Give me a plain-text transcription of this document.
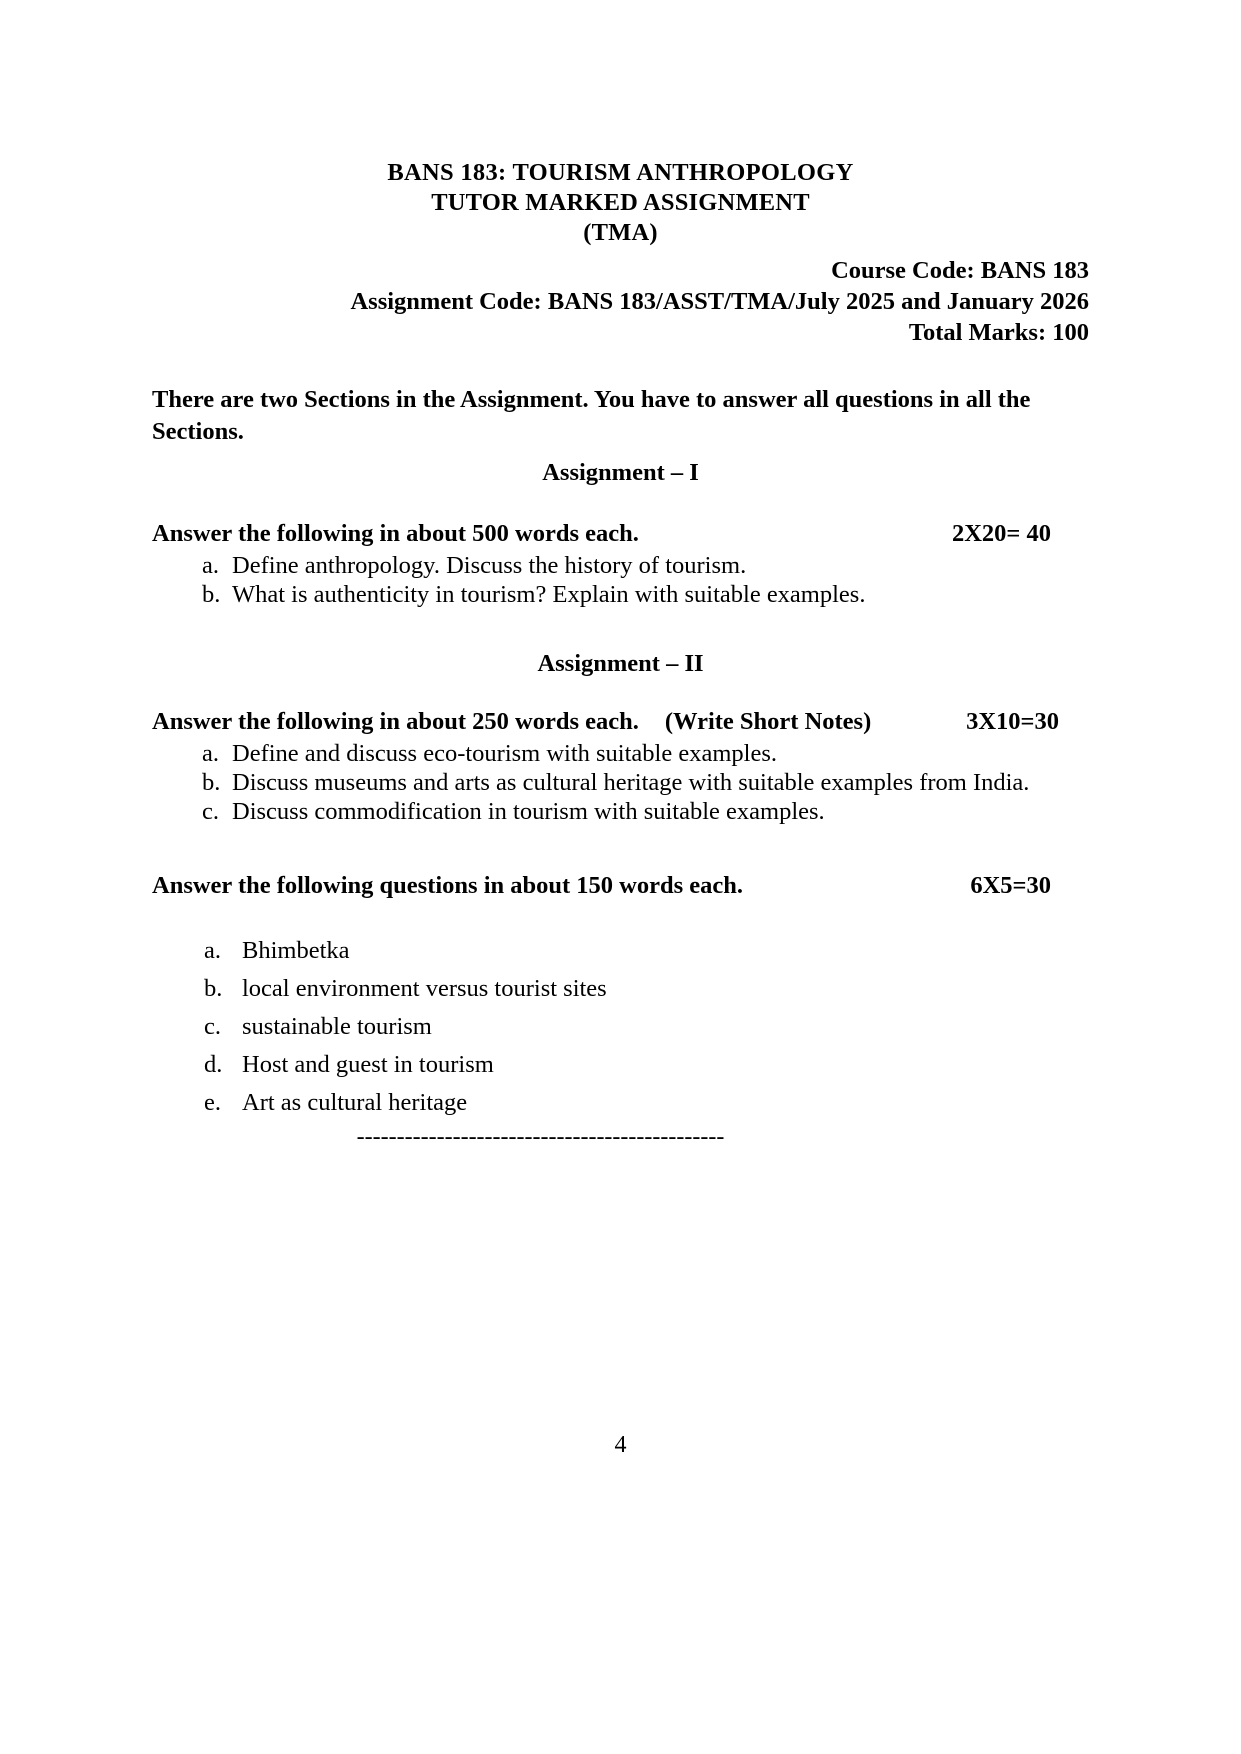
BANS 183: TOURISM ANTHROPOLOGY
TUTOR MARKED ASSIGNMENT
(TMA)
Course Code: BANS 183
Assignment Code: BANS 183/ASST/TMA/July 2025 and January 2026
Total Marks: 100
There are two Sections in the Assignment. You have to answer all questions in all the Sections.
Assignment – I
Answer the following in about 500 words each.	2X20= 40
a. Define anthropology. Discuss the history of tourism.
b. What is authenticity in tourism? Explain with suitable examples.
Assignment – II
Answer the following in about 250 words each. (Write Short Notes)	3X10=30
a. Define and discuss eco-tourism with suitable examples.
b. Discuss museums and arts as cultural heritage with suitable examples from India.
c. Discuss commodification in tourism with suitable examples.
Answer the following questions in about 150 words each.	6X5=30
a. Bhimbetka
b. local environment versus tourist sites
c. sustainable tourism
d. Host and guest in tourism
e. Art as cultural heritage
----------------------------------------------
4
